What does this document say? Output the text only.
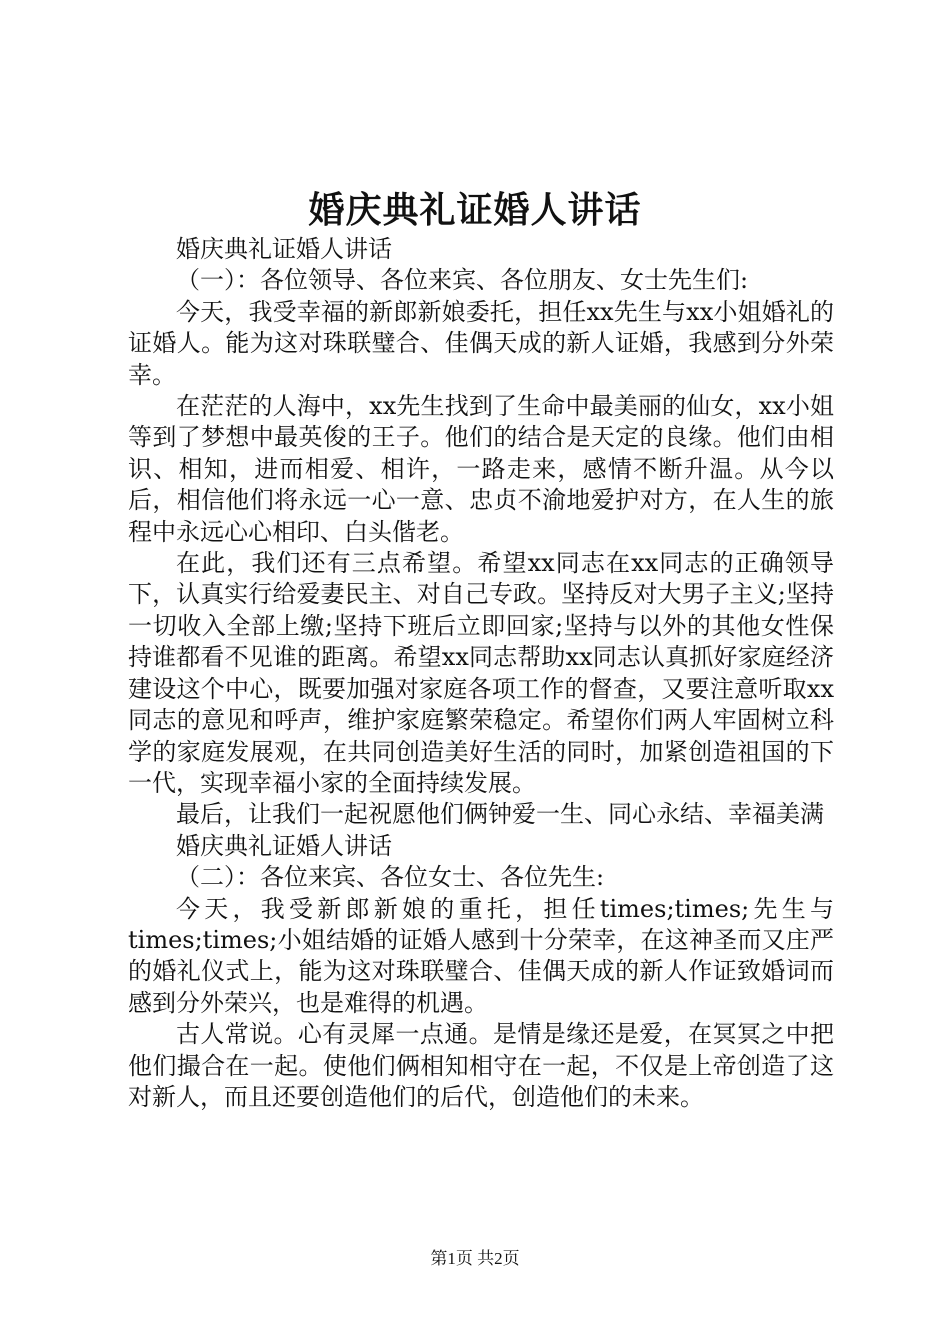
婚庆典礼证婚人讲话

婚庆典礼证婚人讲话

（一）：各位领导、各位来宾、各位朋友、女士先生们:

今天，我受幸福的新郎新娘委托，担任xx先生与xx小姐婚礼的证婚人。能为这对珠联璧合、佳偶天成的新人证婚，我感到分外荣幸。

在茫茫的人海中，xx先生找到了生命中最美丽的仙女，xx小姐等到了梦想中最英俊的王子。他们的结合是天定的良缘。他们由相识、相知，进而相爱、相许，一路走来，感情不断升温。从今以后，相信他们将永远一心一意、忠贞不渝地爱护对方，在人生的旅程中永远心心相印、白头偕老。

在此，我们还有三点希望。希望xx同志在xx同志的正确领导下，认真实行给爱妻民主、对自己专政。坚持反对大男子主义;坚持一切收入全部上缴;坚持下班后立即回家;坚持与以外的其他女性保持谁都看不见谁的距离。希望xx同志帮助xx同志认真抓好家庭经济建设这个中心，既要加强对家庭各项工作的督查，又要注意听取xx同志的意见和呼声，维护家庭繁荣稳定。希望你们两人牢固树立科学的家庭发展观，在共同创造美好生活的同时，加紧创造祖国的下一代，实现幸福小家的全面持续发展。

最后，让我们一起祝愿他们俩钟爱一生、同心永结、幸福美满

婚庆典礼证婚人讲话

（二）：各位来宾、各位女士、各位先生:

今天，我受新郎新娘的重托，担任times;times;先生与times;times;小姐结婚的证婚人感到十分荣幸，在这神圣而又庄严的婚礼仪式上，能为这对珠联璧合、佳偶天成的新人作证致婚词而感到分外荣兴，也是难得的机遇。

古人常说。心有灵犀一点通。是情是缘还是爱，在冥冥之中把他们撮合在一起。使他们俩相知相守在一起，不仅是上帝创造了这对新人，而且还要创造他们的后代，创造他们的未来。

第1页 共2页
